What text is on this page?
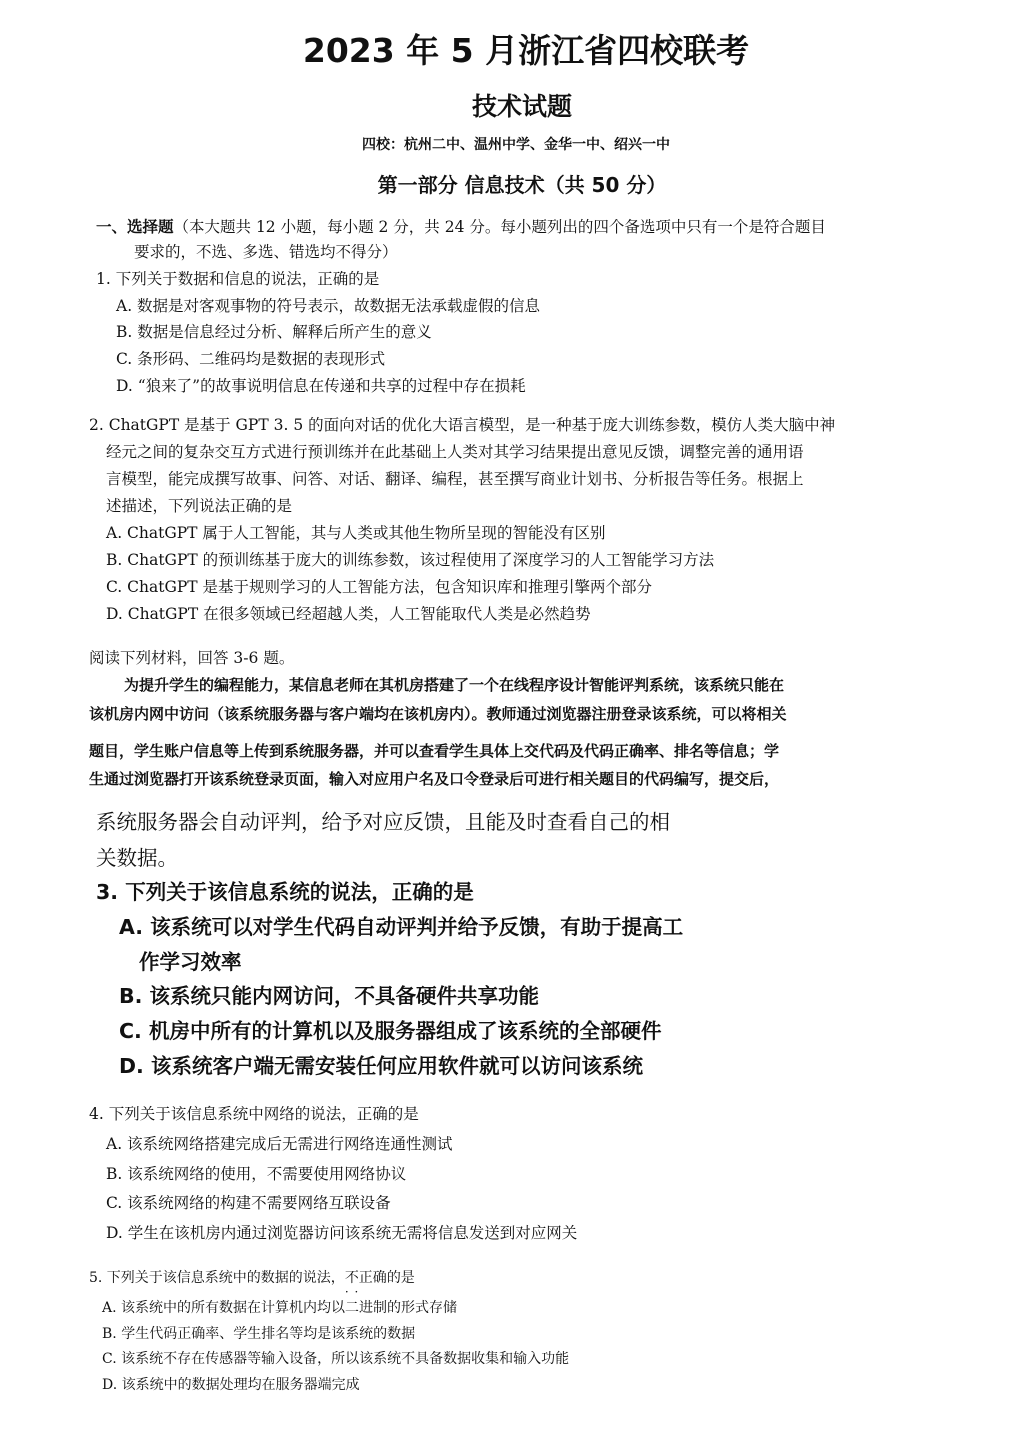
2023 年 5 月浙江省四校联考
技术试题
四校：杭州二中、温州中学、金华一中、绍兴一中
第一部分 信息技术（共 50 分）
一、选择题（本大题共 12 小题，每小题 2 分，共 24 分。每小题列出的四个备选项中只有一个是符合题目
要求的，不选、多选、错选均不得分）
1. 下列关于数据和信息的说法，正确的是
A. 数据是对客观事物的符号表示，故数据无法承载虚假的信息
B. 数据是信息经过分析、解释后所产生的意义
C. 条形码、二维码均是数据的表现形式
D. “狼来了”的故事说明信息在传递和共享的过程中存在损耗
2. ChatGPT 是基于 GPT 3. 5 的面向对话的优化大语言模型，是一种基于庞大训练参数，模仿人类大脑中神
经元之间的复杂交互方式进行预训练并在此基础上人类对其学习结果提出意见反馈，调整完善的通用语
言模型，能完成撰写故事、问答、对话、翻译、编程，甚至撰写商业计划书、分析报告等任务。根据上
述描述，下列说法正确的是
A. ChatGPT 属于人工智能，其与人类或其他生物所呈现的智能没有区别
B. ChatGPT 的预训练基于庞大的训练参数，该过程使用了深度学习的人工智能学习方法
C. ChatGPT 是基于规则学习的人工智能方法，包含知识库和推理引擎两个部分
D. ChatGPT 在很多领域已经超越人类，人工智能取代人类是必然趋势
阅读下列材料，回答 3-6 题。
为提升学生的编程能力，某信息老师在其机房搭建了一个在线程序设计智能评判系统，该系统只能在
该机房内网中访问（该系统服务器与客户端均在该机房内）。教师通过浏览器注册登录该系统，可以将相关
题目，学生账户信息等上传到系统服务器，并可以查看学生具体上交代码及代码正确率、排名等信息；学
生通过浏览器打开该系统登录页面，输入对应用户名及口令登录后可进行相关题目的代码编写，提交后，
系统服务器会自动评判，给予对应反馈，且能及时查看自己的相
关数据。
3. 下列关于该信息系统的说法，正确的是
A. 该系统可以对学生代码自动评判并给予反馈，有助于提高工
作学习效率
B. 该系统只能内网访问，不具备硬件共享功能
C. 机房中所有的计算机以及服务器组成了该系统的全部硬件
D. 该系统客户端无需安装任何应用软件就可以访问该系统
4. 下列关于该信息系统中网络的说法，正确的是
A. 该系统网络搭建完成后无需进行网络连通性测试
B. 该系统网络的使用，不需要使用网络协议
C. 该系统网络的构建不需要网络互联设备
D. 学生在该机房内通过浏览器访问该系统无需将信息发送到对应网关
5. 下列关于该信息系统中的数据的说法，不正确 · ·的是
A. 该系统中的所有数据在计算机内均以二进制的形式存储
B. 学生代码正确率、学生排名等均是该系统的数据
C. 该系统不存在传感器等输入设备，所以该系统不具备数据收集和输入功能
D. 该系统中的数据处理均在服务器端完成
